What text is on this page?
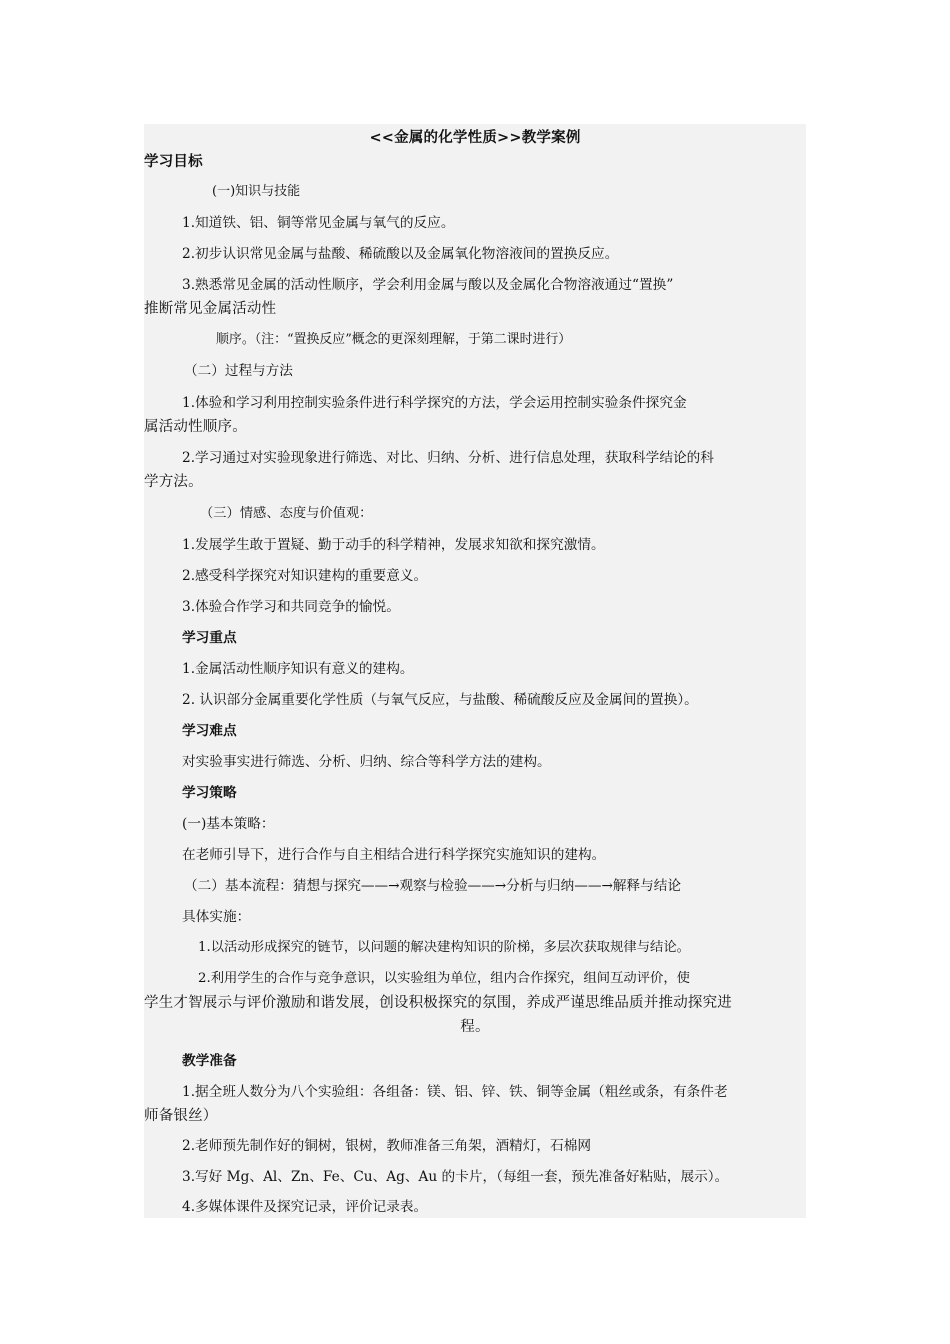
<<金属的化学性质>>教学案例
学习目标
(一)知识与技能
1.知道铁、铝、铜等常见金属与氧气的反应。
2.初步认识常见金属与盐酸、稀硫酸以及金属氧化物溶液间的置换反应。
3.熟悉常见金属的活动性顺序，学会利用金属与酸以及金属化合物溶液通过“置换”
推断常见金属活动性
顺序。（注：“置换反应”概念的更深刻理解，于第二课时进行）
（二）过程与方法
1.体验和学习利用控制实验条件进行科学探究的方法，学会运用控制实验条件探究金
属活动性顺序。
2.学习通过对实验现象进行筛选、对比、归纳、分析、进行信息处理，获取科学结论的科
学方法。
（三）情感、态度与价值观：
1.发展学生敢于置疑、勤于动手的科学精神，发展求知欲和探究激情。
2.感受科学探究对知识建构的重要意义。
3.体验合作学习和共同竞争的愉悦。
学习重点
1.金属活动性顺序知识有意义的建构。
2. 认识部分金属重要化学性质（与氧气反应，与盐酸、稀硫酸反应及金属间的置换）。
学习难点
对实验事实进行筛选、分析、归纳、综合等科学方法的建构。
学习策略
(一)基本策略：
在老师引导下，进行合作与自主相结合进行科学探究实施知识的建构。
（二）基本流程：猜想与探究——→观察与检验——→分析与归纳——→解释与结论
具体实施：
1.以活动形成探究的链节，以问题的解决建构知识的阶梯，多层次获取规律与结论。
2.利用学生的合作与竞争意识，以实验组为单位，组内合作探究，组间互动评价，使
学生才智展示与评价激励和谐发展，创设积极探究的氛围，养成严谨思维品质并推动探究进
程。
教学准备
1.据全班人数分为八个实验组：各组备：镁、铝、锌、铁、铜等金属（粗丝或条，有条件老
师备银丝）
2.老师预先制作好的铜树，银树，教师准备三角架，酒精灯，石棉网
3.写好 Mg、Al、Zn、Fe、Cu、Ag、Au 的卡片，（每组一套，预先准备好粘贴，展示）。
4.多媒体课件及探究记录，评价记录表。
